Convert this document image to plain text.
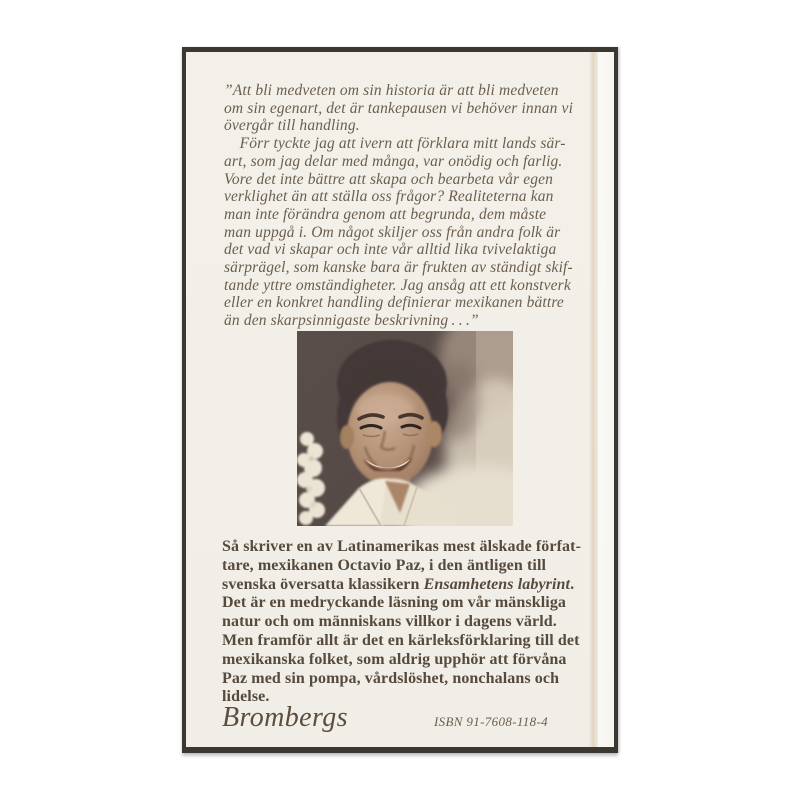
”Att bli medveten om sin historia är att bli medveten
om sin egenart, det är tankepausen vi behöver innan vi
övergår till handling.
 Förr tyckte jag att ivern att förklara mitt lands sär-
art, som jag delar med många, var onödig och farlig.
Vore det inte bättre att skapa och bearbeta vår egen
verklighet än att ställa oss frågor? Realiteterna kan
man inte förändra genom att begrunda, dem måste
man uppgå i. Om något skiljer oss från andra folk är
det vad vi skapar och inte vår alltid lika tvivelaktiga
särprägel, som kanske bara är frukten av ständigt skif-
tande yttre omständigheter. Jag ansåg att ett konstverk
eller en konkret handling definierar mexikanen bättre
än den skarpsinnigaste beskrivning . . .”
Så skriver en av Latinamerikas mest älskade förfat-
tare, mexikanen Octavio Paz, i den äntligen till
svenska översatta klassikern Ensamhetens labyrint.
Det är en medryckande läsning om vår mänskliga
natur och om människans villkor i dagens värld.
Men framför allt är det en kärleksförklaring till det
mexikanska folket, som aldrig upphör att förvåna
Paz med sin pompa, vårdslöshet, nonchalans och
lidelse.
Brombergs	ISBN 91-7608-118-4
